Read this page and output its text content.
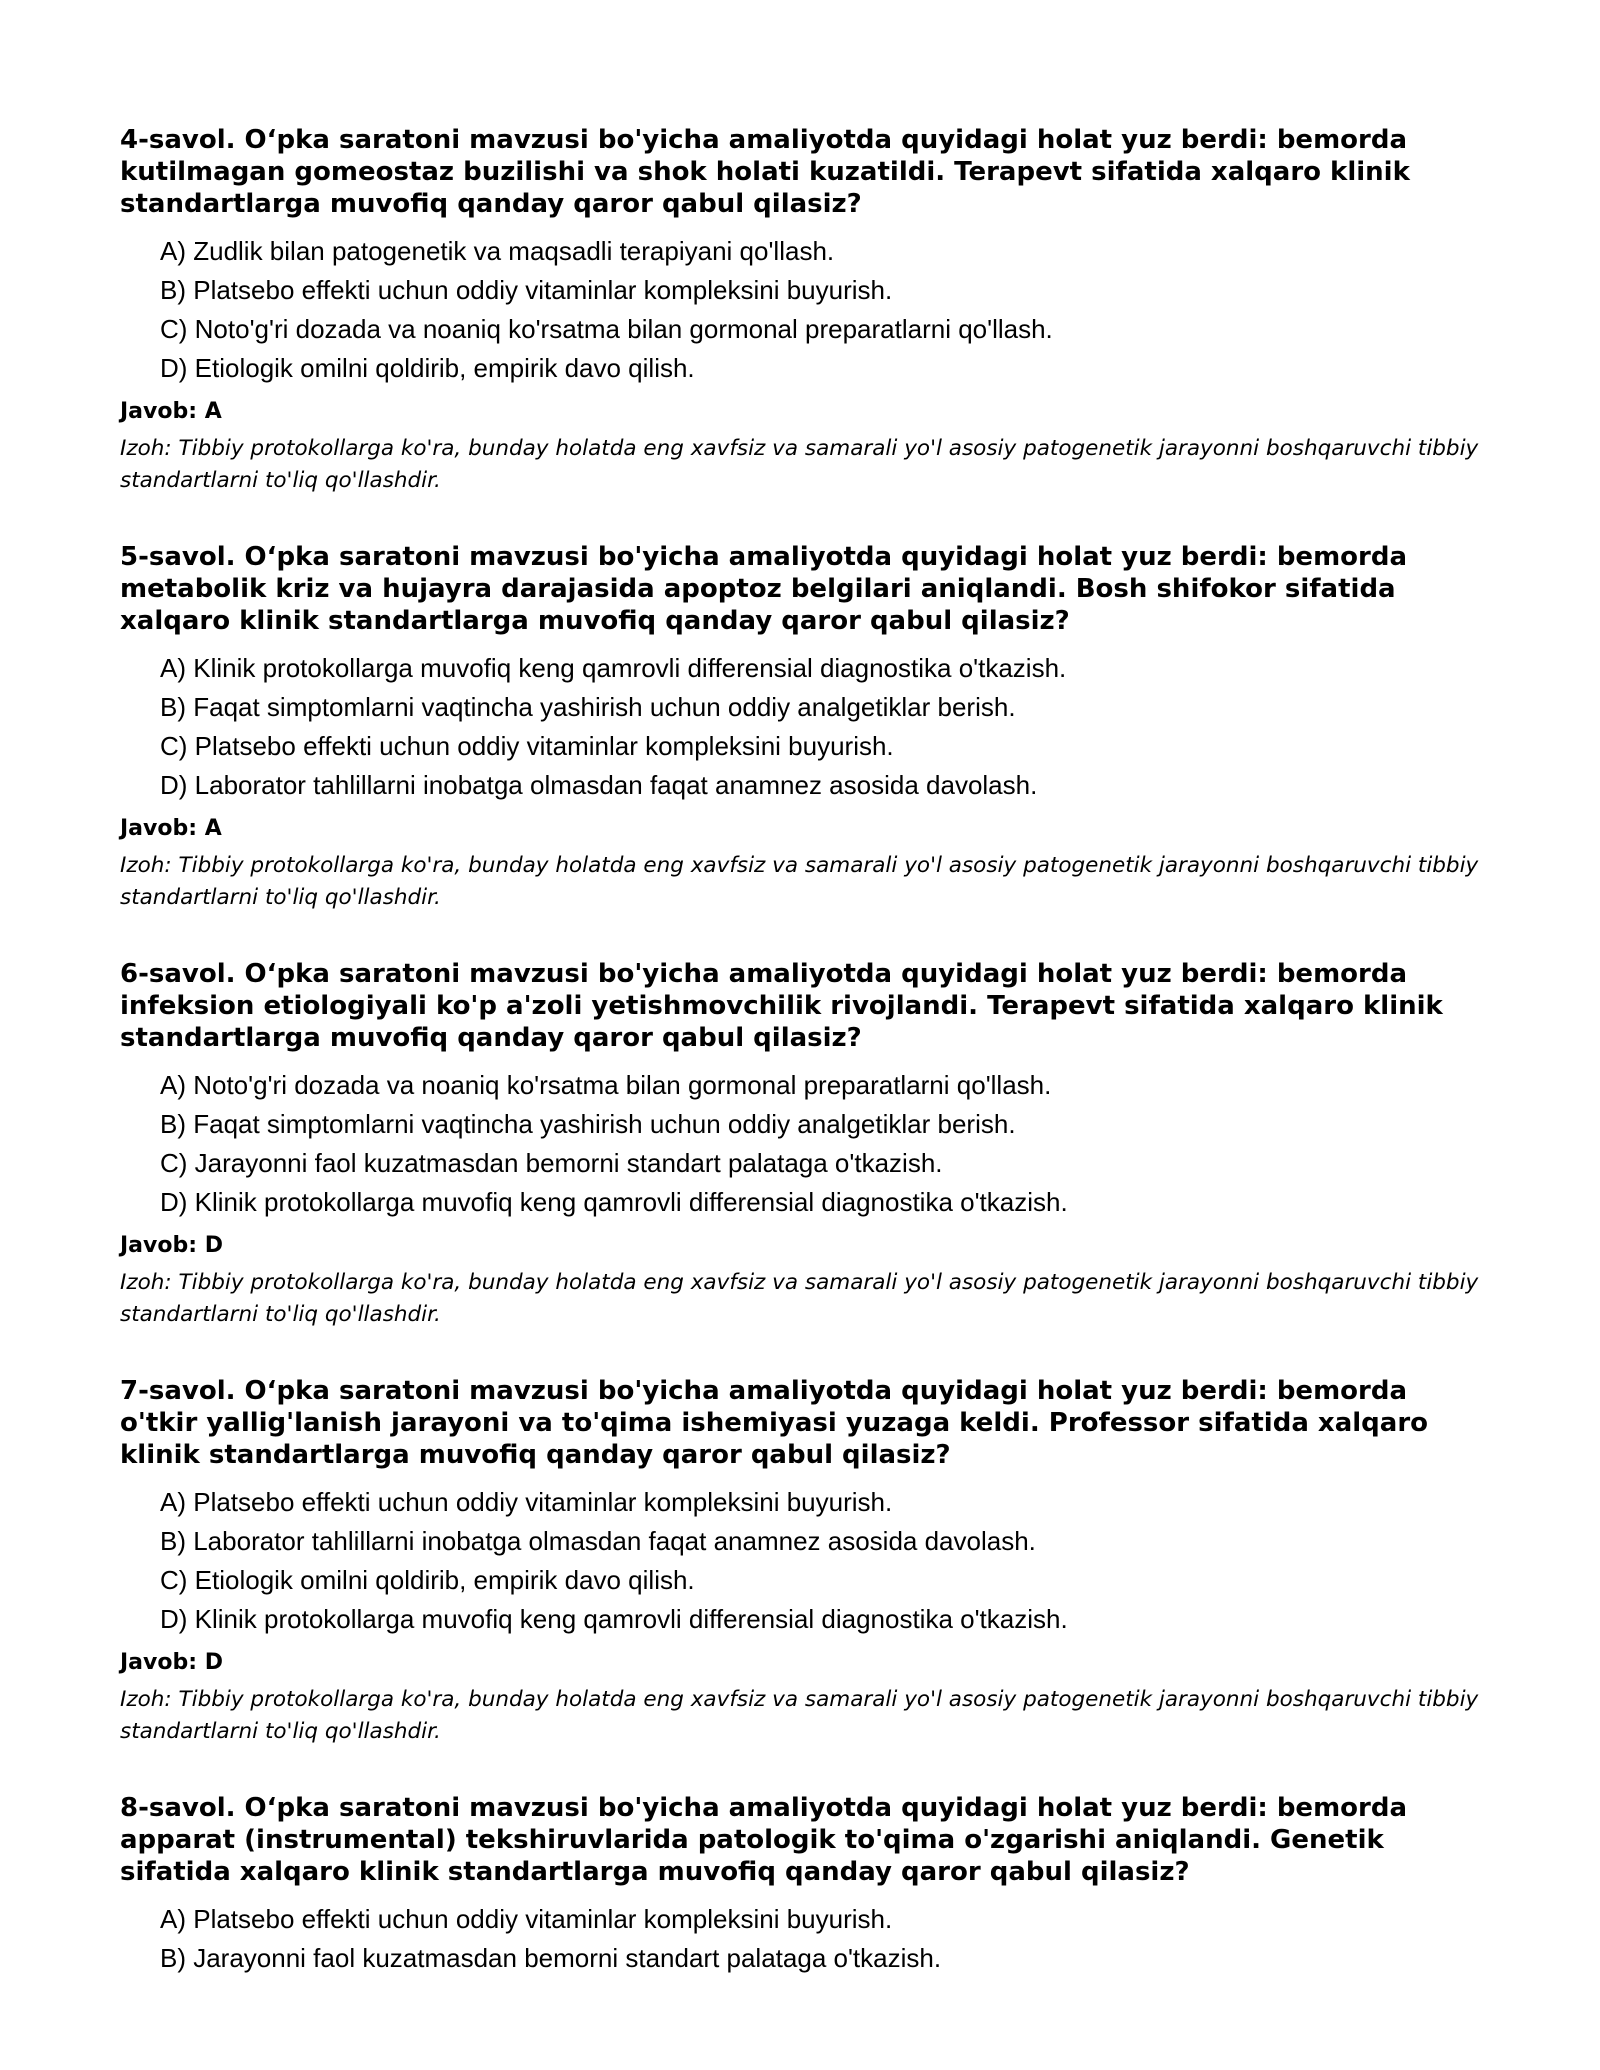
4-savol. O‘pka saratoni mavzusi bo'yicha amaliyotda quyidagi holat yuz berdi: bemorda kutilmagan gomeostaz buzilishi va shok holati kuzatildi. Terapevt sifatida xalqaro klinik standartlarga muvofiq qanday qaror qabul qilasiz?

A) Zudlik bilan patogenetik va maqsadli terapiyani qo'llash.
B) Platsebo effekti uchun oddiy vitaminlar kompleksini buyurish.
C) Noto'g'ri dozada va noaniq ko'rsatma bilan gormonal preparatlarni qo'llash.
D) Etiologik omilni qoldirib, empirik davo qilish.

Javob: A

Izoh: Tibbiy protokollarga ko'ra, bunday holatda eng xavfsiz va samarali yo'l asosiy patogenetik jarayonni boshqaruvchi tibbiy standartlarni to'liq qo'llashdir.

5-savol. O‘pka saratoni mavzusi bo'yicha amaliyotda quyidagi holat yuz berdi: bemorda metabolik kriz va hujayra darajasida apoptoz belgilari aniqlandi. Bosh shifokor sifatida xalqaro klinik standartlarga muvofiq qanday qaror qabul qilasiz?

A) Klinik protokollarga muvofiq keng qamrovli differensial diagnostika o'tkazish.
B) Faqat simptomlarni vaqtincha yashirish uchun oddiy analgetiklar berish.
C) Platsebo effekti uchun oddiy vitaminlar kompleksini buyurish.
D) Laborator tahlillarni inobatga olmasdan faqat anamnez asosida davolash.

Javob: A

Izoh: Tibbiy protokollarga ko'ra, bunday holatda eng xavfsiz va samarali yo'l asosiy patogenetik jarayonni boshqaruvchi tibbiy standartlarni to'liq qo'llashdir.

6-savol. O‘pka saratoni mavzusi bo'yicha amaliyotda quyidagi holat yuz berdi: bemorda infeksion etiologiyali ko'p a'zoli yetishmovchilik rivojlandi. Terapevt sifatida xalqaro klinik standartlarga muvofiq qanday qaror qabul qilasiz?

A) Noto'g'ri dozada va noaniq ko'rsatma bilan gormonal preparatlarni qo'llash.
B) Faqat simptomlarni vaqtincha yashirish uchun oddiy analgetiklar berish.
C) Jarayonni faol kuzatmasdan bemorni standart palataga o'tkazish.
D) Klinik protokollarga muvofiq keng qamrovli differensial diagnostika o'tkazish.

Javob: D

Izoh: Tibbiy protokollarga ko'ra, bunday holatda eng xavfsiz va samarali yo'l asosiy patogenetik jarayonni boshqaruvchi tibbiy standartlarni to'liq qo'llashdir.

7-savol. O‘pka saratoni mavzusi bo'yicha amaliyotda quyidagi holat yuz berdi: bemorda o'tkir yallig'lanish jarayoni va to'qima ishemiyasi yuzaga keldi. Professor sifatida xalqaro klinik standartlarga muvofiq qanday qaror qabul qilasiz?

A) Platsebo effekti uchun oddiy vitaminlar kompleksini buyurish.
B) Laborator tahlillarni inobatga olmasdan faqat anamnez asosida davolash.
C) Etiologik omilni qoldirib, empirik davo qilish.
D) Klinik protokollarga muvofiq keng qamrovli differensial diagnostika o'tkazish.

Javob: D

Izoh: Tibbiy protokollarga ko'ra, bunday holatda eng xavfsiz va samarali yo'l asosiy patogenetik jarayonni boshqaruvchi tibbiy standartlarni to'liq qo'llashdir.

8-savol. O‘pka saratoni mavzusi bo'yicha amaliyotda quyidagi holat yuz berdi: bemorda apparat (instrumental) tekshiruvlarida patologik to'qima o'zgarishi aniqlandi. Genetik sifatida xalqaro klinik standartlarga muvofiq qanday qaror qabul qilasiz?

A) Platsebo effekti uchun oddiy vitaminlar kompleksini buyurish.
B) Jarayonni faol kuzatmasdan bemorni standart palataga o'tkazish.
